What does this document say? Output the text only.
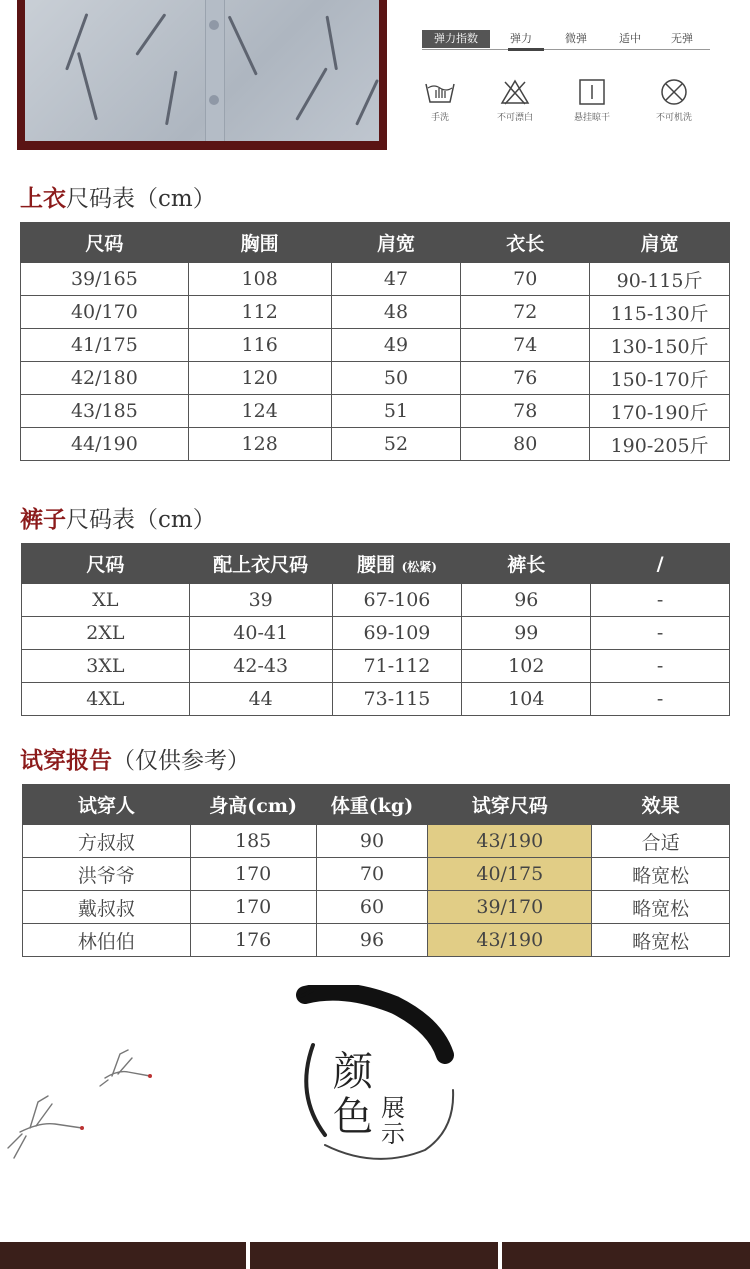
弹力指数	弹力	微弹	适中	无弹
手洗	不可漂白	悬挂晾干	不可机洗
上衣尺码表（cm）
尺码	胸围	肩宽	衣长	肩宽
39/165	108	47	70	90-115斤
40/170	112	48	72	115-130斤
41/175	116	49	74	130-150斤
42/180	120	50	76	150-170斤
43/185	124	51	78	170-190斤
44/190	128	52	80	190-205斤
裤子尺码表（cm）
尺码	配上衣尺码	腰围 (松紧)	裤长	/
XL	39	67-106	96	-
2XL	40-41	69-109	99	-
3XL	42-43	71-112	102	-
4XL	44	73-115	104	-
试穿报告（仅供参考）
试穿人	身高(cm)	体重(kg)	试穿尺码	效果
方叔叔	185	90	43/190	合适
洪爷爷	170	70	40/175	略宽松
戴叔叔	170	60	39/170	略宽松
林伯伯	176	96	43/190	略宽松
颜
色 展
示
